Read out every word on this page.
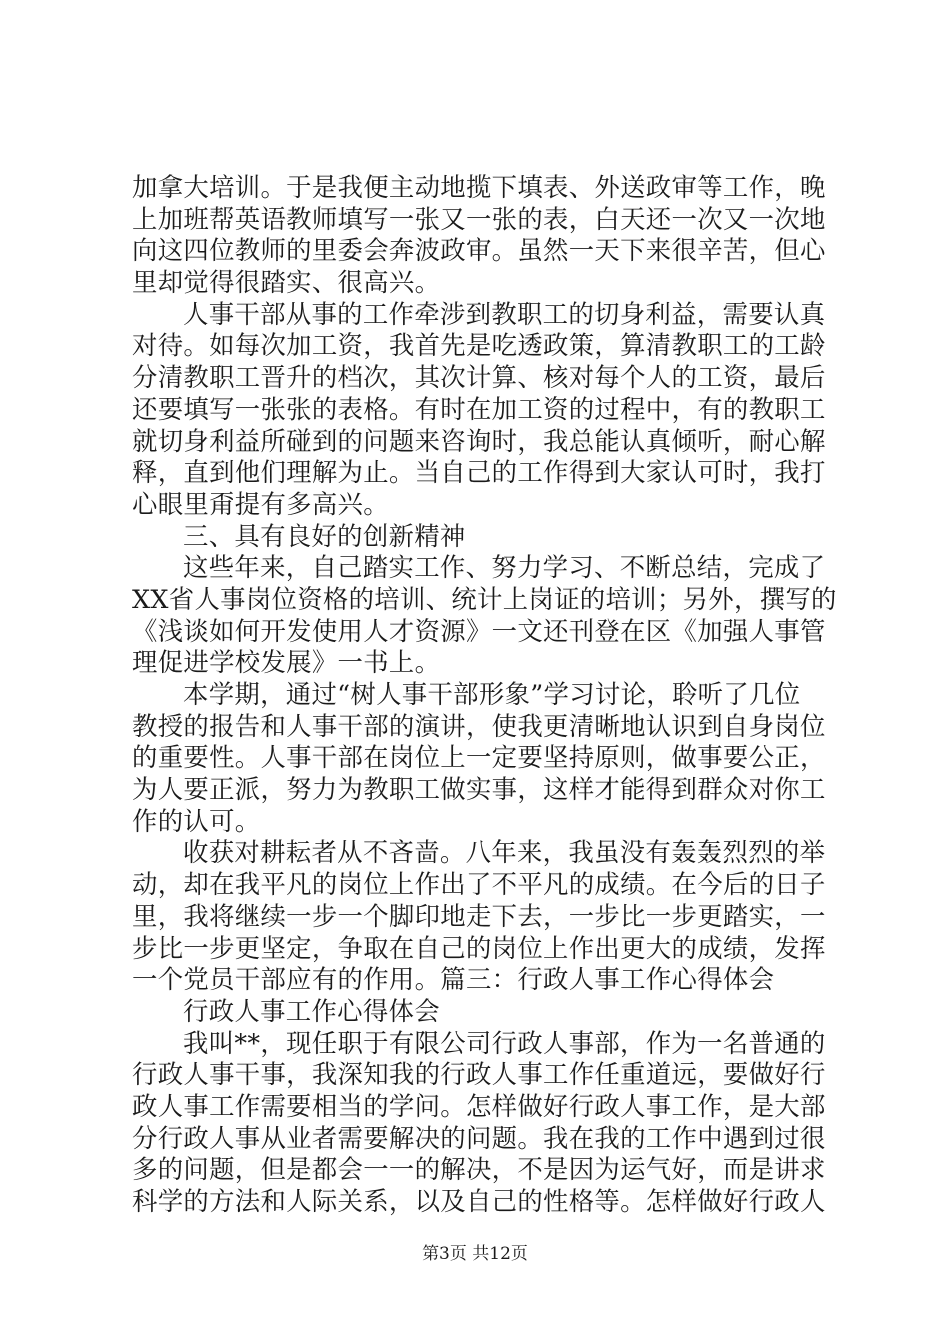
加拿大培训。于是我便主动地揽下填表、外送政审等工作，晚
上加班帮英语教师填写一张又一张的表，白天还一次又一次地
向这四位教师的里委会奔波政审。虽然一天下来很辛苦，但心
里却觉得很踏实、很高兴。
人事干部从事的工作牵涉到教职工的切身利益，需要认真
对待。如每次加工资，我首先是吃透政策，算清教职工的工龄
分清教职工晋升的档次，其次计算、核对每个人的工资，最后
还要填写一张张的表格。有时在加工资的过程中，有的教职工
就切身利益所碰到的问题来咨询时，我总能认真倾听，耐心解
释，直到他们理解为止。当自己的工作得到大家认可时，我打
心眼里甭提有多高兴。
三、具有良好的创新精神
这些年来，自己踏实工作、努力学习、不断总结，完成了
XX省人事岗位资格的培训、统计上岗证的培训；另外，撰写的
《浅谈如何开发使用人才资源》一文还刊登在区《加强人事管
理促进学校发展》一书上。
本学期，通过“树人事干部形象”学习讨论，聆听了几位
教授的报告和人事干部的演讲，使我更清晰地认识到自身岗位
的重要性。人事干部在岗位上一定要坚持原则，做事要公正，
为人要正派，努力为教职工做实事，这样才能得到群众对你工
作的认可。
收获对耕耘者从不吝啬。八年来，我虽没有轰轰烈烈的举
动，却在我平凡的岗位上作出了不平凡的成绩。在今后的日子
里，我将继续一步一个脚印地走下去，一步比一步更踏实，一
步比一步更坚定，争取在自己的岗位上作出更大的成绩，发挥
一个党员干部应有的作用。篇三：行政人事工作心得体会
行政人事工作心得体会
我叫**，现任职于有限公司行政人事部，作为一名普通的
行政人事干事，我深知我的行政人事工作任重道远，要做好行
政人事工作需要相当的学问。怎样做好行政人事工作，是大部
分行政人事从业者需要解决的问题。我在我的工作中遇到过很
多的问题，但是都会一一的解决，不是因为运气好，而是讲求
科学的方法和人际关系，以及自己的性格等。怎样做好行政人
第3页 共12页
